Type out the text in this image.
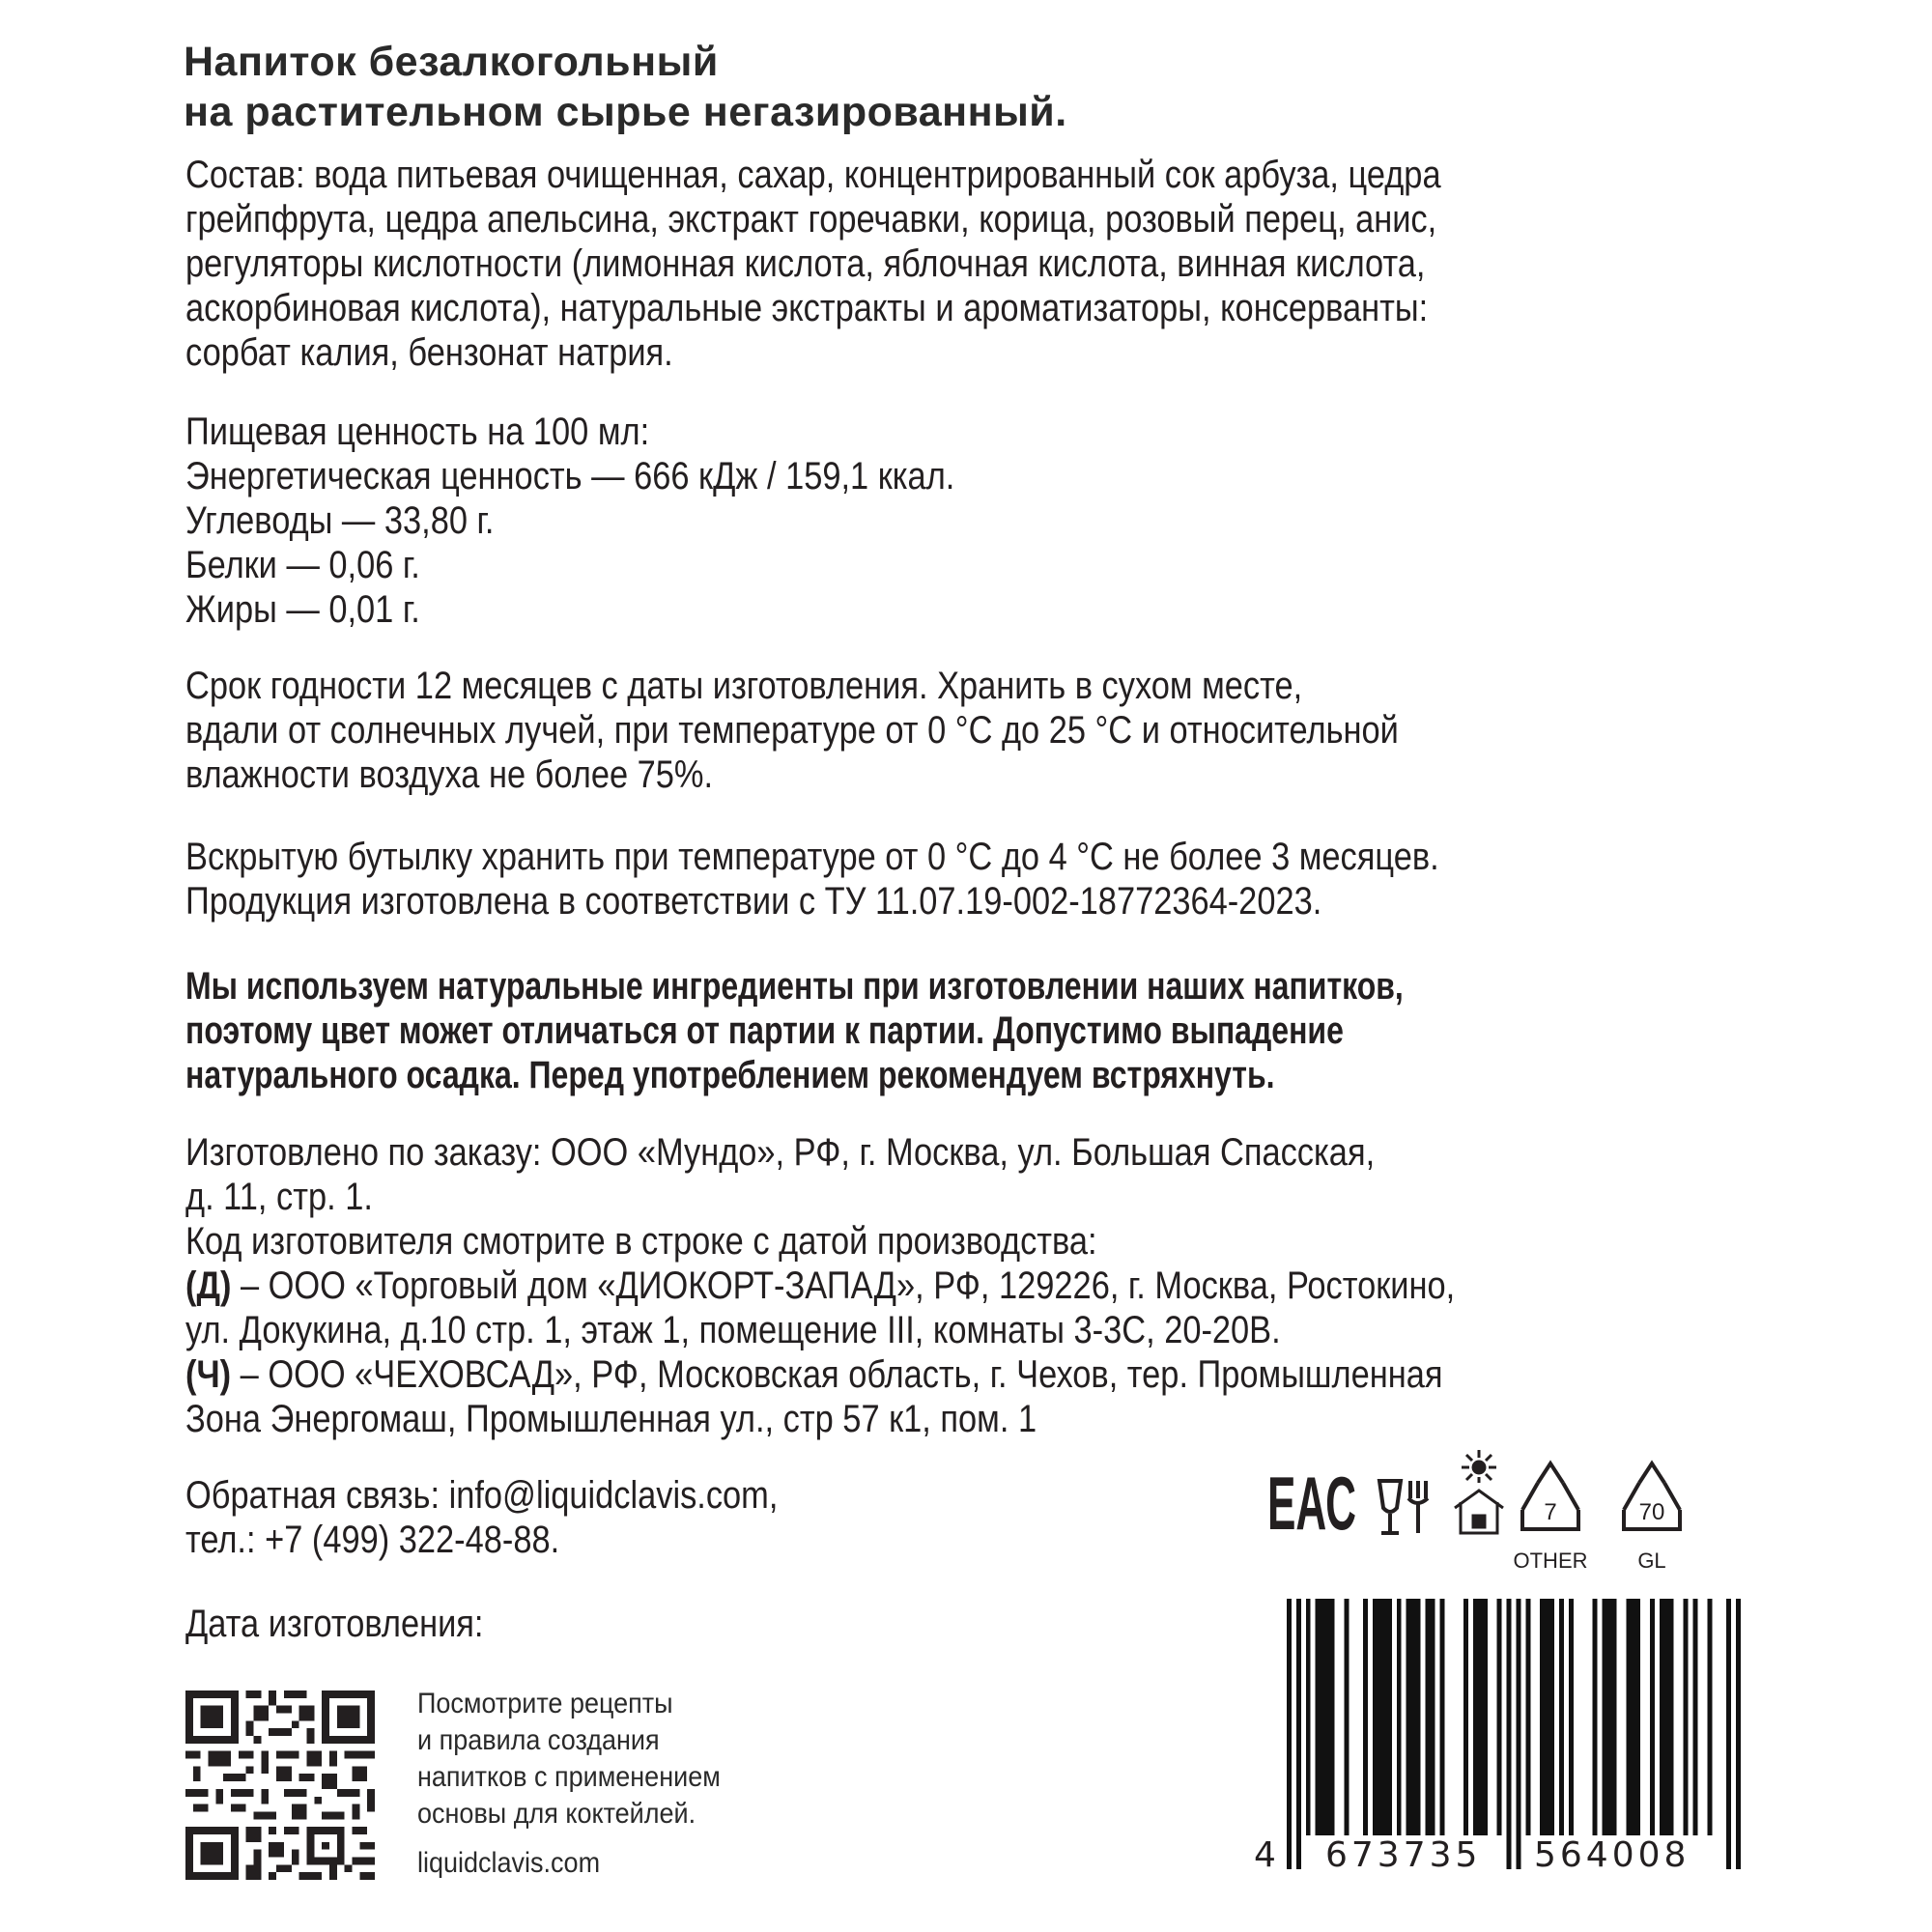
Напиток безалкогольный
на растительном сырье негазированный.
Состав: вода питьевая очищенная, сахар, концентрированный сок арбуза, цедра
грейпфрута, цедра апельсина, экстракт горечавки, корица, розовый перец, анис,
регуляторы кислотности (лимонная кислота, яблочная кислота, винная кислота,
аскорбиновая кислота), натуральные экстракты и ароматизаторы, консерванты:
сорбат калия, бензонат натрия.
Пищевая ценность на 100 мл:
Энергетическая ценность — 666 кДж / 159,1 ккал.
Углеводы — 33,80 г.
Белки — 0,06 г.
Жиры — 0,01 г.
Срок годности 12 месяцев с даты изготовления. Хранить в сухом месте,
вдали от солнечных лучей, при температуре от 0 °С до 25 °С и относительной
влажности воздуха не более 75%.
Вскрытую бутылку хранить при температуре от 0 °С до 4 °С не более 3 месяцев.
Продукция изготовлена в соответствии с ТУ 11.07.19-002-18772364-2023.
Мы используем натуральные ингредиенты при изготовлении наших напитков,
поэтому цвет может отличаться от партии к партии. Допустимо выпадение
натурального осадка. Перед употреблением рекомендуем встряхнуть.
Изготовлено по заказу: ООО «Мундо», РФ, г. Москва, ул. Большая Спасская,
д. 11, стр. 1.
Код изготовителя смотрите в строке с датой производства:
(Д) – ООО «Торговый дом «ДИОКОРТ-ЗАПАД», РФ, 129226, г. Москва, Ростокино,
ул. Докукина, д.10 стр. 1, этаж 1, помещение III, комнаты 3-3С, 20-20В.
(Ч) – ООО «ЧЕХОВСАД», РФ, Московская область, г. Чехов, тер. Промышленная
Зона Энергомаш, Промышленная ул., стр 57 к1, пом. 1
Обратная связь: info@liquidclavis.com,
тел.: +7 (499) 322-48-88.
Дата изготовления:
Посмотрите рецепты
и правила создания
напитков с применением
основы для коктейлей.
liquidclavis.com
ЕАС	7
OTHER
70
GL
4 673735 564008
